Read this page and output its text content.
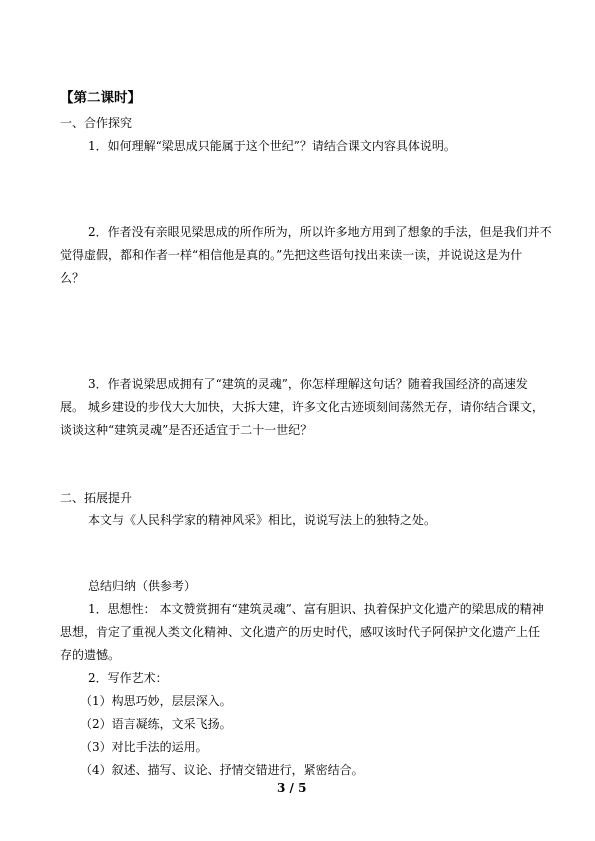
【第二课时】
一、合作探究
1．如何理解“梁思成只能属于这个世纪”？请结合课文内容具体说明。
2．作者没有亲眼见梁思成的所作所为，所以许多地方用到了想象的手法，但是我们并不
觉得虚假，都和作者一样“相信他是真的。”先把这些语句找出来读一读，并说说这是为什
么？
3．作者说梁思成拥有了“建筑的灵魂”，你怎样理解这句话？随着我国经济的高速发
展。 城乡建设的步伐大大加快，大拆大建，许多文化古迹顷刻间荡然无存，请你结合课文，
谈谈这种“建筑灵魂”是否还适宜于二十一世纪？
二、拓展提升
本文与《人民科学家的精神风采》相比，说说写法上的独特之处。
总结归纳（供参考）
1．思想性： 本文赞赏拥有“建筑灵魂”、富有胆识、执着保护文化遗产的梁思成的精神
思想，肯定了重视人类文化精神、文化遗产的历史时代，感叹该时代子阿保护文化遗产上任
存的遗憾。
2．写作艺术：
（1）构思巧妙，层层深入。
（2）语言凝练，文采飞扬。
（3）对比手法的运用。
（4）叙述、描写、议论、抒情交错进行，紧密结合。
3 / 5
